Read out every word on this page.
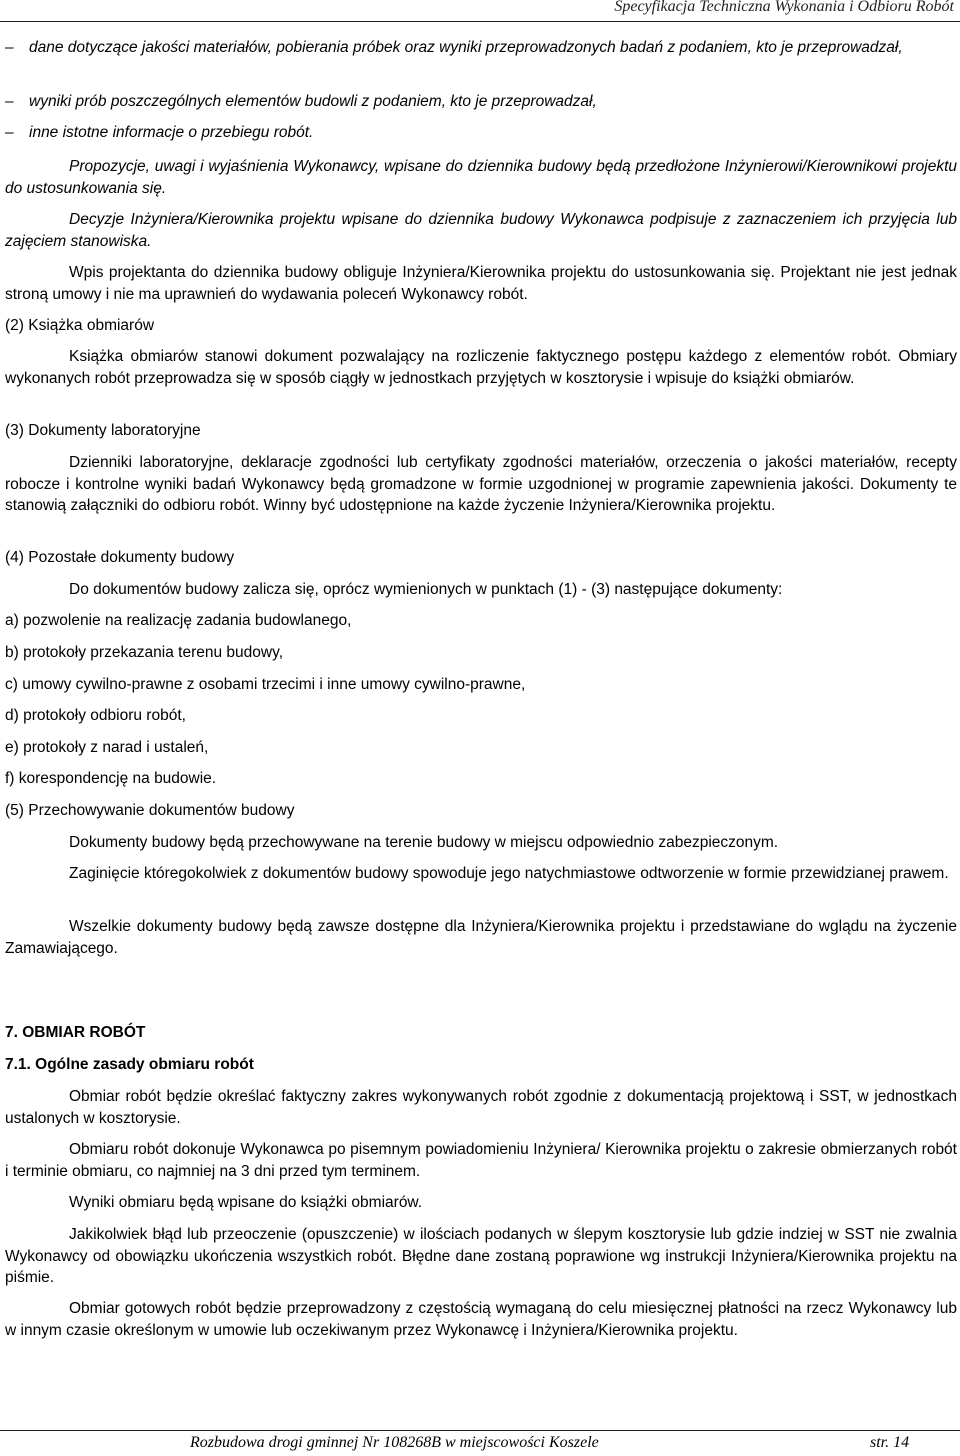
Specyfikacja Techniczna Wykonania i Odbioru Robót
– dane dotyczące jakości materiałów, pobierania próbek oraz wyniki przeprowadzonych badań z podaniem, kto je przeprowadzał,
– wyniki prób poszczególnych elementów budowli z podaniem, kto je przeprowadzał,
– inne istotne informacje o przebiegu robót.

Propozycje, uwagi i wyjaśnienia Wykonawcy, wpisane do dziennika budowy będą przedłożone Inżynierowi/Kierownikowi projektu do ustosunkowania się.

Decyzje Inżyniera/Kierownika projektu wpisane do dziennika budowy Wykonawca podpisuje z zaznaczeniem ich przyjęcia lub zajęciem stanowiska.

Wpis projektanta do dziennika budowy obliguje Inżyniera/Kierownika projektu do ustosunkowania się. Projektant nie jest jednak stroną umowy i nie ma uprawnień do wydawania poleceń Wykonawcy robót.

(2) Książka obmiarów

Książka obmiarów stanowi dokument pozwalający na rozliczenie faktycznego postępu każdego z elementów robót. Obmiary wykonanych robót przeprowadza się w sposób ciągły w jednostkach przyjętych w kosztorysie i wpisuje do książki obmiarów.

(3) Dokumenty laboratoryjne

Dzienniki laboratoryjne, deklaracje zgodności lub certyfikaty zgodności materiałów, orzeczenia o jakości materiałów, recepty robocze i kontrolne wyniki badań Wykonawcy będą gromadzone w formie uzgodnionej w programie zapewnienia jakości. Dokumenty te stanowią załączniki do odbioru robót. Winny być udostępnione na każde życzenie Inżyniera/Kierownika projektu.

(4) Pozostałe dokumenty budowy

Do dokumentów budowy zalicza się, oprócz wymienionych w punktach (1) - (3) następujące dokumenty:

a) pozwolenie na realizację zadania budowlanego,
b) protokoły przekazania terenu budowy,
c) umowy cywilno-prawne z osobami trzecimi i inne umowy cywilno-prawne,
d) protokoły odbioru robót,
e) protokoły z narad i ustaleń,
f) korespondencję na budowie.
(5) Przechowywanie dokumentów budowy

Dokumenty budowy będą przechowywane na terenie budowy w miejscu odpowiednio zabezpieczonym.

Zaginięcie któregokolwiek z dokumentów budowy spowoduje jego natychmiastowe odtworzenie w formie przewidzianej prawem.

Wszelkie dokumenty budowy będą zawsze dostępne dla Inżyniera/Kierownika projektu i przedstawiane do wglądu na życzenie Zamawiającego.

7. OBMIAR ROBÓT
7.1. Ogólne zasady obmiaru robót

Obmiar robót będzie określać faktyczny zakres wykonywanych robót zgodnie z dokumentacją projektową i SST, w jednostkach ustalonych w kosztorysie.

Obmiaru robót dokonuje Wykonawca po pisemnym powiadomieniu Inżyniera/ Kierownika projektu o zakresie obmierzanych robót i terminie obmiaru, co najmniej na 3 dni przed tym terminem.

Wyniki obmiaru będą wpisane do książki obmiarów.

Jakikolwiek błąd lub przeoczenie (opuszczenie) w ilościach podanych w ślepym kosztorysie lub gdzie indziej w SST nie zwalnia Wykonawcy od obowiązku ukończenia wszystkich robót. Błędne dane zostaną poprawione wg instrukcji Inżyniera/Kierownika projektu na piśmie.

Obmiar gotowych robót będzie przeprowadzony z częstością wymaganą do celu miesięcznej płatności na rzecz Wykonawcy lub w innym czasie określonym w umowie lub oczekiwanym przez Wykonawcę i Inżyniera/Kierownika projektu.

Rozbudowa drogi gminnej Nr 108268B w miejscowości Koszele	str. 14
